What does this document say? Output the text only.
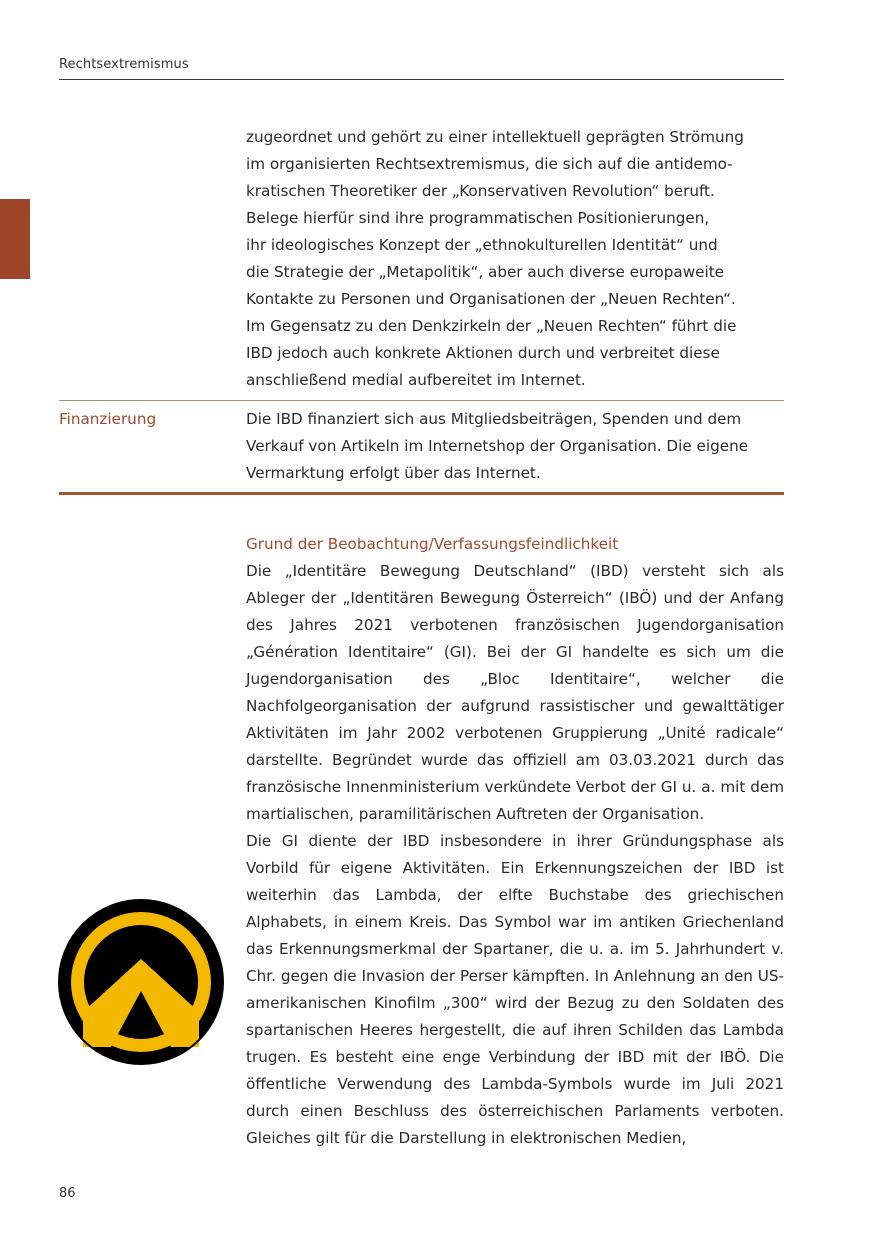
Rechtsextremismus

zugeordnet und gehört zu einer intellektuell geprägten Strömung

im organisierten Rechtsextremismus, die sich auf die antidemo-

kratischen Theoretiker der „Konservativen Revolution“ beruft.

Belege hierfür sind ihre programmatischen Positionierungen,

ihr ideologisches Konzept der „ethnokulturellen Identität“ und

die Strategie der „Metapolitik“, aber auch diverse europaweite

Kontakte zu Personen und Organisationen der „Neuen Rechten“.

Im Gegensatz zu den Denkzirkeln der „Neuen Rechten“ führt die

IBD jedoch auch konkrete Aktionen durch und verbreitet diese

anschließend medial aufbereitet im Internet.

Finanzierung	Die IBD finanziert sich aus Mitgliedsbeiträgen, Spenden und dem

Verkauf von Artikeln im Internetshop der Organisation. Die eigene

Vermarktung erfolgt über das Internet.

Grund der Beobachtung/Verfassungsfeindlichkeit

Die „Identitäre Bewegung Deutschland“ (IBD) versteht sich als Ableger der „Identitären Bewegung Österreich“ (IBÖ) und der Anfang des Jahres 2021 verbotenen französischen Jugendorganisation „Génération Identitaire“ (GI). Bei der GI handelte es sich um die Jugendorganisation des „Bloc Identitaire“, welcher die Nachfolgeorganisation der aufgrund rassistischer und gewalttätiger Aktivitäten im Jahr 2002 verbotenen Gruppierung „Unité radicale“ darstellte. Begründet wurde das offiziell am 03.03.2021 durch das französische Innenministerium verkündete Verbot der GI u. a. mit dem martialischen, paramilitärischen Auftreten der Organisation.

Die GI diente der IBD insbesondere in ihrer Gründungsphase als Vorbild für eigene Aktivitäten. Ein Erkennungszeichen der IBD ist weiterhin das Lambda, der elfte Buchstabe des griechischen Alphabets, in einem Kreis. Das Symbol war im antiken Griechenland das Erkennungsmerkmal der Spartaner, die u. a. im 5. Jahrhundert v. Chr. gegen die Invasion der Perser kämpften. In Anlehnung an den US-amerikanischen Kinofilm „300“ wird der Bezug zu den Soldaten des spartanischen Heeres hergestellt, die auf ihren Schilden das Lambda trugen. Es besteht eine enge Verbindung der IBD mit der IBÖ. Die öffentliche Verwendung des Lambda-Symbols wurde im Juli 2021 durch einen Beschluss des österreichischen Parlaments verboten. Gleiches gilt für die Darstellung in elektronischen Medien,

86
